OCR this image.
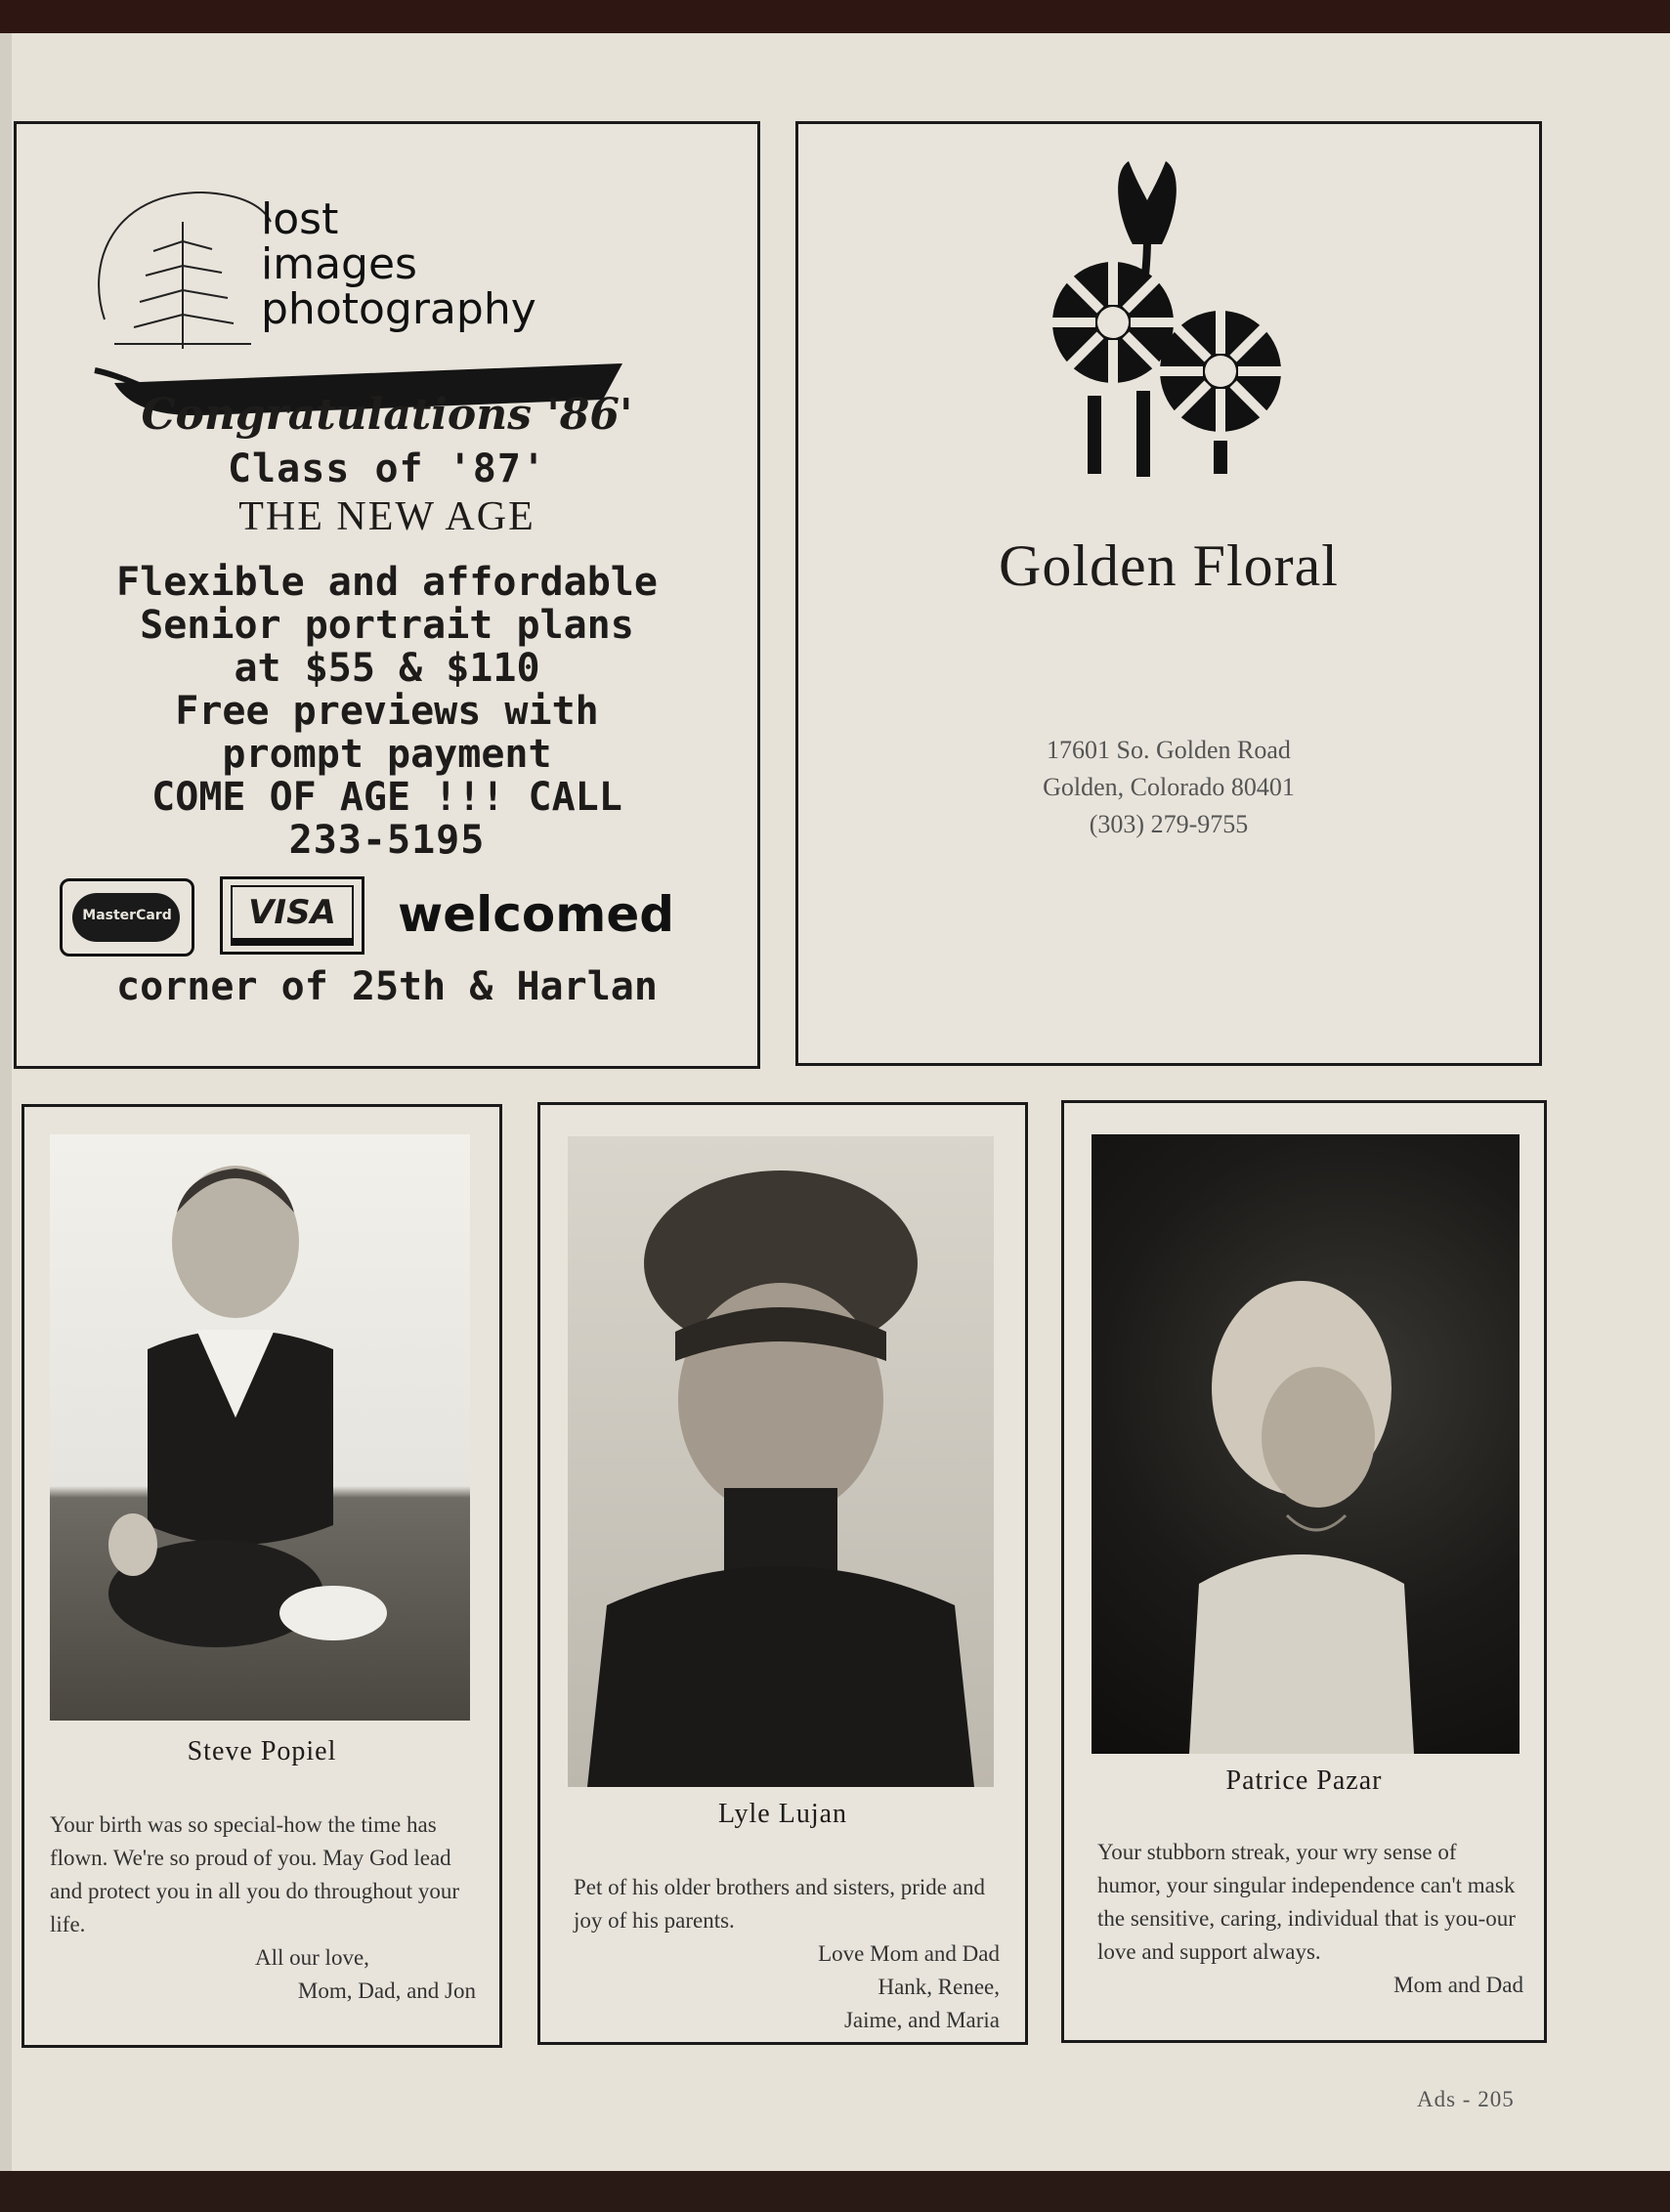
lost
images
photography
Congratulations '86'
Class of '87'
THE NEW AGE
Flexible and affordable
Senior portrait plans
at $55 & $110
Free previews with
prompt payment
COME OF AGE !!! CALL
233-5195
MasterCard	VISA	welcomed
corner of 25th & Harlan
Golden Floral
17601 So. Golden Road
Golden, Colorado 80401
(303) 279-9755
Steve Popiel
Your birth was so special-how the time has flown. We're so proud of you. May God lead and protect you in all you do throughout your life.
All our love,
Mom, Dad, and Jon
Lyle Lujan
Pet of his older brothers and sisters, pride and joy of his parents.
Love Mom and Dad
Hank, Renee,
Jaime, and Maria
Patrice Pazar
Your stubborn streak, your wry sense of humor, your singular independence can't mask the sensitive, caring, individual that is you-our love and support always.
Mom and Dad
Ads - 205
